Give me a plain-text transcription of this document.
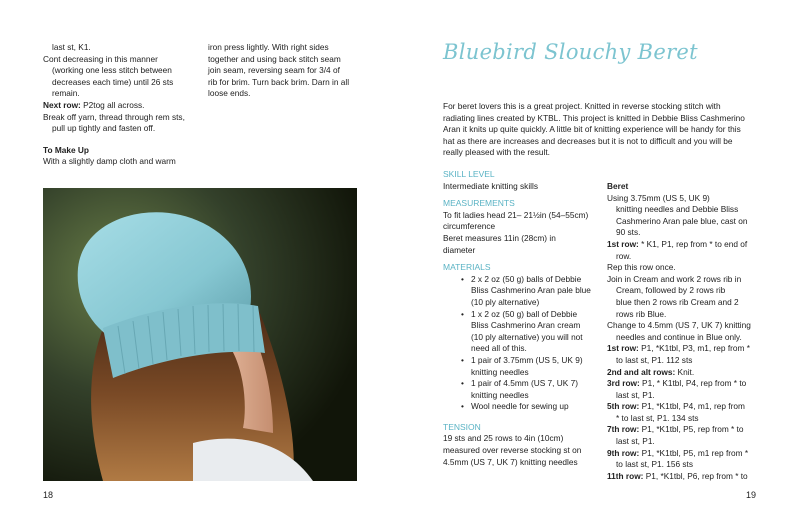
last st, K1.
Cont decreasing in this manner
(working one less stitch between
decreases each time) until 26 sts
remain.
Next row: P2tog all across.
Break off yarn, thread through rem sts,
pull up tightly and fasten off.
To Make Up
With a slightly damp cloth and warm
iron press lightly. With right sides
together and using back stitch seam
join seam, reversing seam for 3/4 of
rib for brim. Turn back brim. Darn in all
loose ends.
18
Bluebird Slouchy Beret
For beret lovers this is a great project. Knitted in reverse stocking stitch with
radiating lines created by KTBL. This project is knitted in Debbie Bliss Cashmerino
Aran it knits up quite quickly. A little bit of knitting experience will be handy for this
hat as there are increases and decreases but it is not to difficult and you will be
really pleased with the result.
SKILL LEVEL
Intermediate knitting skills
MEASUREMENTS
To fit ladies head 21– 21½in (54–55cm)
circumference
Beret measures 11in (28cm) in
diameter
MATERIALS
• 2 x 2 oz (50 g) balls of Debbie
Bliss Cashmerino Aran pale blue
(10 ply alternative)
• 1 x 2 oz (50 g) ball of Debbie
Bliss Cashmerino Aran cream
(10 ply alternative) you will not
need all of this.
• 1 pair of 3.75mm (US 5, UK 9)
knitting needles
• 1 pair of 4.5mm (US 7, UK 7)
knitting needles
• Wool needle for sewing up
TENSION
19 sts and 25 rows to 4in (10cm)
measured over reverse stocking st on
4.5mm (US 7, UK 7) knitting needles
Beret
Using 3.75mm (US 5, UK 9)
knitting needles and Debbie Bliss
Cashmerino Aran pale blue, cast on
90 sts.
1st row: * K1, P1, rep from * to end of
row.
Rep this row once.
Join in Cream and work 2 rows rib in
Cream, followed by 2 rows rib
blue then 2 rows rib Cream and 2
rows rib Blue.
Change to 4.5mm (US 7, UK 7) knitting
needles and continue in Blue only.
1st row: P1, *K1tbl, P3, m1, rep from *
to last st, P1. 112 sts
2nd and alt rows: Knit.
3rd row: P1, * K1tbl, P4, rep from * to
last st, P1.
5th row: P1, *K1tbl, P4, m1, rep from
* to last st, P1. 134 sts
7th row: P1, *K1tbl, P5, rep from * to
last st, P1.
9th row: P1, *K1tbl, P5, m1 rep from *
to last st, P1. 156 sts
11th row: P1, *K1tbl, P6, rep from * to
19
